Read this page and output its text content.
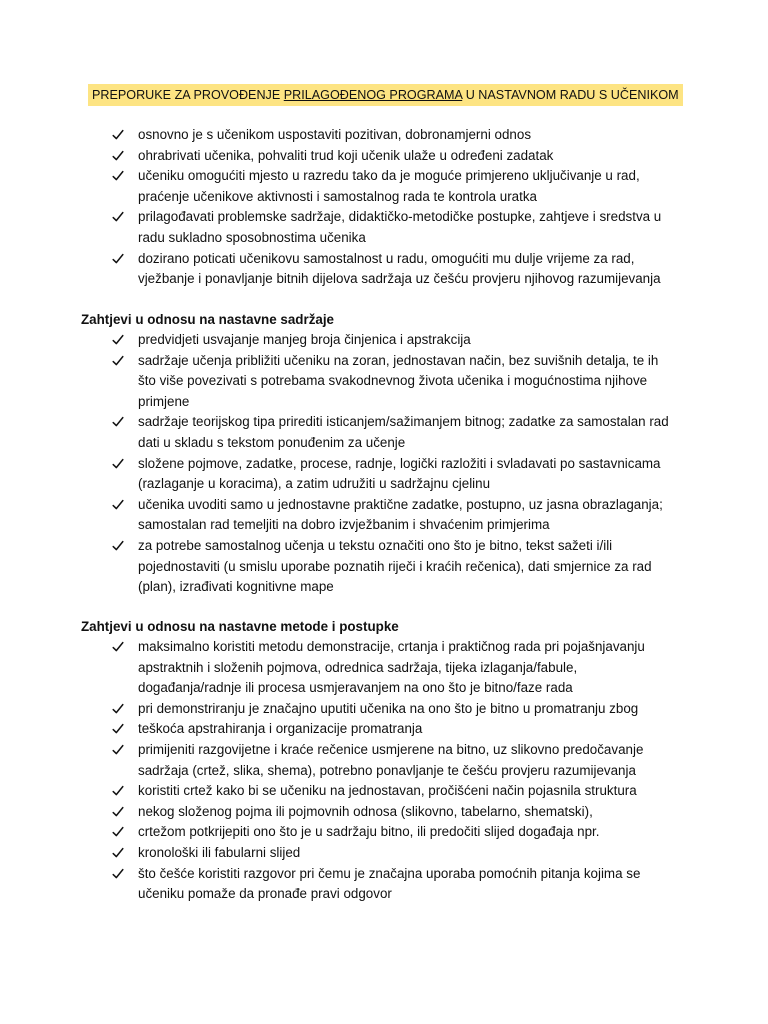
PREPORUKE ZA PROVOĐENJE PRILAGOĐENOG PROGRAMA U NASTAVNOM RADU S UČENIKOM
osnovno je s učenikom uspostaviti pozitivan, dobronamjerni odnos
ohrabrivati učenika, pohvaliti trud koji učenik ulaže u određeni zadatak
učeniku omogućiti mjesto u razredu tako da je moguće primjereno uključivanje u rad,
praćenje učenikove aktivnosti i samostalnog rada te kontrola uratka
prilagođavati problemske sadržaje, didaktičko-metodičke postupke, zahtjeve i sredstva u
radu sukladno sposobnostima učenika
dozirano poticati učenikovu samostalnost u radu, omogućiti mu dulje vrijeme za rad,
vježbanje i ponavljanje bitnih dijelova sadržaja uz češću provjeru njihovog razumijevanja
Zahtjevi u odnosu na nastavne sadržaje
predvidjeti usvajanje manjeg broja činjenica i apstrakcija
sadržaje učenja približiti učeniku na zoran, jednostavan način, bez suvišnih detalja, te ih
što više povezivati s potrebama svakodnevnog života učenika i mogućnostima njihove
primjene
sadržaje teorijskog tipa prirediti isticanjem/sažimanjem bitnog; zadatke za samostalan rad
dati u skladu s tekstom ponuđenim za učenje
složene pojmove, zadatke, procese, radnje, logički razložiti i svladavati po sastavnicama
(razlaganje u koracima), a zatim udružiti u sadržajnu cjelinu
učenika uvoditi samo u jednostavne praktične zadatke, postupno, uz jasna obrazlaganja;
samostalan rad temeljiti na dobro izvježbanim i shvaćenim primjerima
za potrebe samostalnog učenja u tekstu označiti ono što je bitno, tekst sažeti i/ili
pojednostaviti (u smislu uporabe poznatih riječi i kraćih rečenica), dati smjernice za rad
(plan), izrađivati kognitivne mape
Zahtjevi u odnosu na nastavne metode i postupke
maksimalno koristiti metodu demonstracije, crtanja i praktičnog rada pri pojašnjavanju
apstraktnih i složenih pojmova, odrednica sadržaja, tijeka izlaganja/fabule,
događanja/radnje ili procesa usmjeravanjem na ono što je bitno/faze rada
pri demonstriranju je značajno uputiti učenika na ono što je bitno u promatranju zbog
teškoća apstrahiranja i organizacije promatranja
primijeniti razgovijetne i kraće rečenice usmjerene na bitno, uz slikovno predočavanje
sadržaja (crtež, slika, shema), potrebno ponavljanje te češću provjeru razumijevanja
koristiti crtež kako bi se učeniku na jednostavan, pročišćeni način pojasnila struktura
nekog složenog pojma ili pojmovnih odnosa (slikovno, tabelarno, shematski),
crtežom potkrijepiti ono što je u sadržaju bitno, ili predočiti slijed događaja npr.
kronološki ili fabularni slijed
što češće koristiti razgovor pri čemu je značajna uporaba pomoćnih pitanja kojima se
učeniku pomaže da pronađe pravi odgovor
